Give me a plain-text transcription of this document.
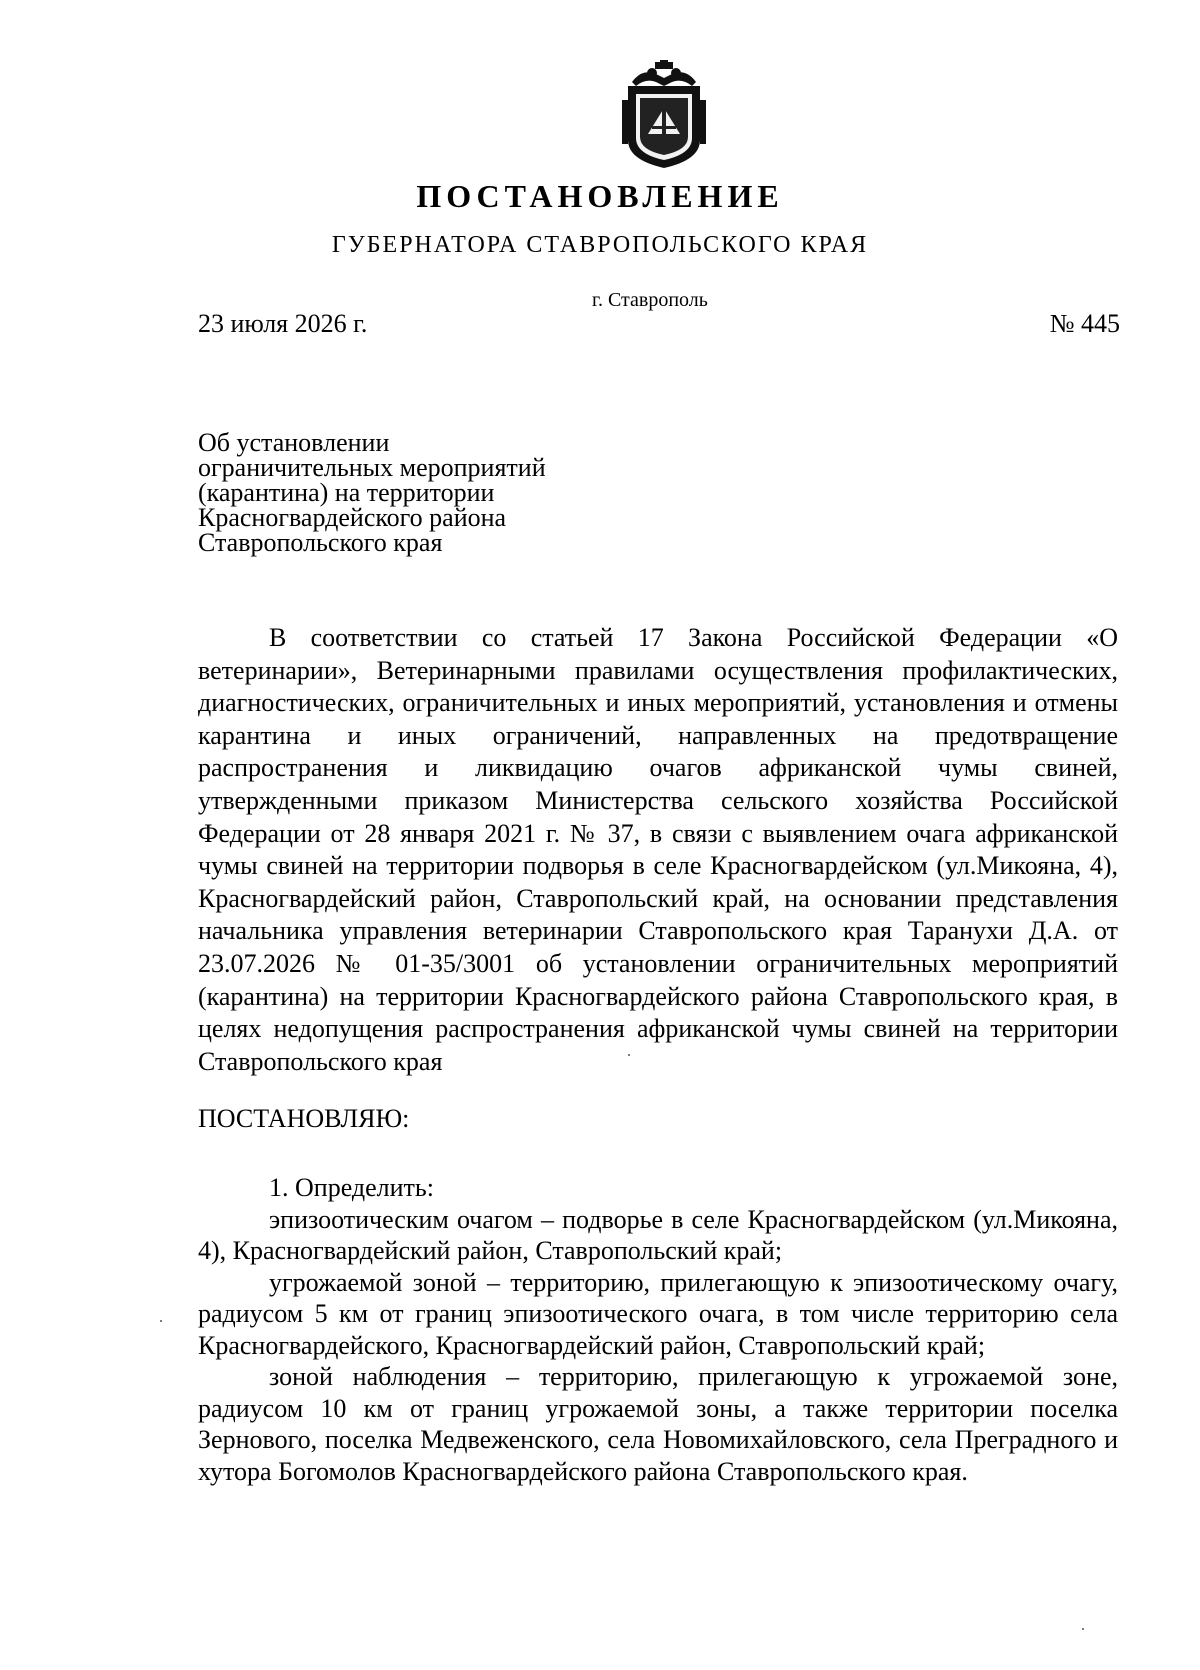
ПОСТАНОВЛЕНИЕ
ГУБЕРНАТОРА СТАВРОПОЛЬСКОГО КРАЯ
г. Ставрополь
23 июля 2026 г.	№ 445
Об установлении
ограничительных мероприятий
(карантина) на территории
Красногвардейского района
Ставропольского края
В соответствии со статьей 17 Закона Российской Федерации «О ветеринарии», Ветеринарными правилами осуществления профилактических, диагностических, ограничительных и иных мероприятий, установления и отмены карантина и иных ограничений, направленных на предотвращение распространения и ликвидацию очагов африканской чумы свиней, утвержденными приказом Министерства сельского хозяйства Российской Федерации от 28 января 2021 г. № 37, в связи с выявлением очага африканской чумы свиней на территории подворья в селе Красногвардейском (ул.Микояна, 4), Красногвардейский район, Ставропольский край, на основании представления начальника управления ветеринарии Ставропольского края Таранухи Д.А. от 23.07.2026 № 01-35/3001 об установлении ограничительных мероприятий (карантина) на территории Красногвардейского района Ставропольского края, в целях недопущения распространения африканской чумы свиней на территории Ставропольского края
ПОСТАНОВЛЯЮ:

1. Определить:

эпизоотическим очагом – подворье в селе Красногвардейском (ул.Микояна, 4), Красногвардейский район, Ставропольский край;

угрожаемой зоной – территорию, прилегающую к эпизоотическому очагу, радиусом 5 км от границ эпизоотического очага, в том числе территорию села Красногвардейского, Красногвардейский район, Ставропольский край;

зоной наблюдения – территорию, прилегающую к угрожаемой зоне, радиусом 10 км от границ угрожаемой зоны, а также территории поселка Зернового, поселка Медвеженского, села Новомихайловского, села Преградного и хутора Богомолов Красногвардейского района Ставропольского края.
